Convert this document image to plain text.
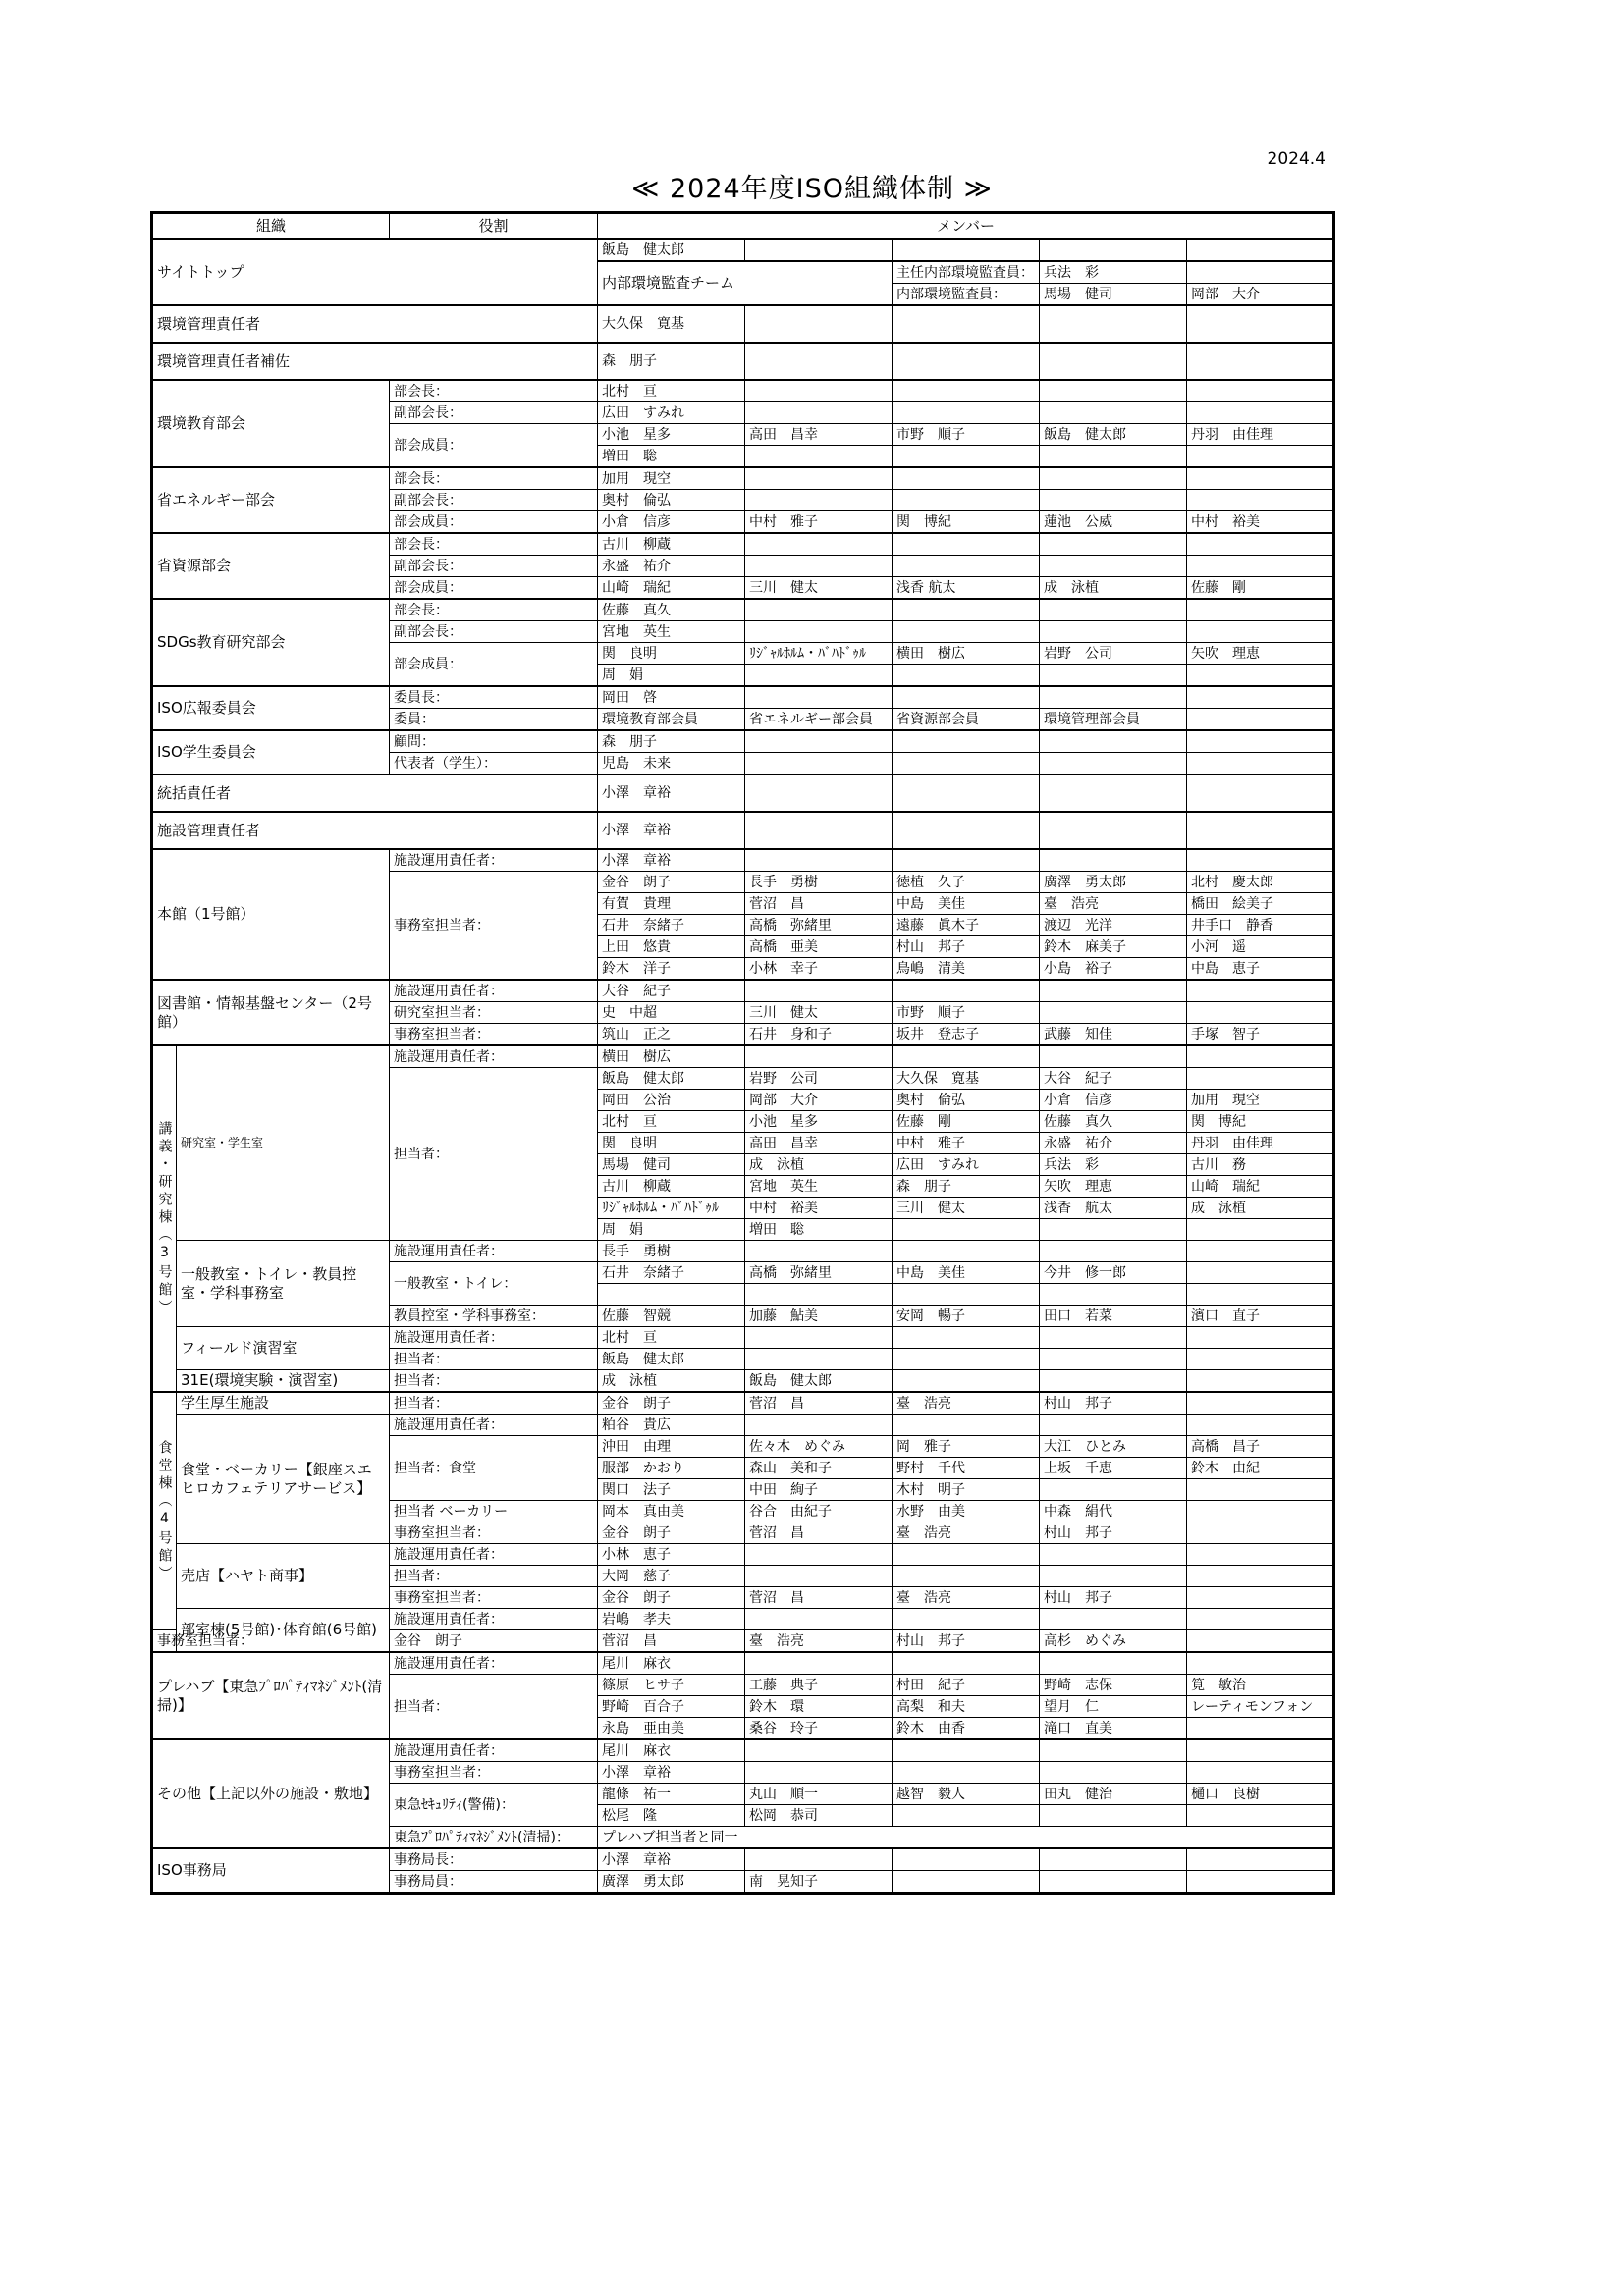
2024.4
≪ 2024年度ISO組織体制 ≫
組織		役割	メンバー					
サイトトップ			飯島　健太郎					
			内部環境監査チーム		主任内部環境監査員：	兵法　彩				
					内部環境監査員：	馬場　健司	岡部　大介			
環境管理責任者			大久保　寛基					
環境管理責任者補佐			森　朋子					
環境教育部会		部会長：	北村　亘					
		副部会長：	広田　すみれ					
		部会成員：	小池　星多	高田　昌幸	市野　順子	飯島　健太郎	丹羽　由佳理	
			増田　聡					
省エネルギー部会		部会長：	加用　現空					
		副部会長：	奥村　倫弘					
		部会成員：	小倉　信彦	中村　雅子	関　博紀	蓮池　公威	中村　裕美	
省資源部会		部会長：	古川　柳蔵					
		副部会長：	永盛　祐介					
		部会成員：	山崎　瑞紀	三川　健太	浅香 航太	成　泳植	佐藤　剛	
SDGs教育研究部会		部会長：	佐藤　真久					
		副部会長：	宮地　英生					
		部会成員：	関　良明	ﾘｼﾞｬﾙﾎﾙﾑ・ﾊﾞﾊﾄﾞｩﾙ	横田　樹広	岩野　公司	矢吹　理恵	
			周　娟					
ISO広報委員会		委員長：	岡田　啓					
		委員：	環境教育部会員	省エネルギー部会員	省資源部会員	環境管理部会員		
ISO学生委員会		顧問：	森　朋子					
		代表者（学生）：	児島　未来					
統括責任者			小澤　章裕					
施設管理責任者			小澤　章裕					
本館（1号館）		施設運用責任者：	小澤　章裕					
		事務室担当者：	金谷　朗子	長手　勇樹	徳植　久子	廣澤　勇太郎	北村　慶太郎	
			有賀　貴理	菅沼　昌	中島　美佳	臺　浩亮	橋田　絵美子	
			石井　奈緒子	高橋　弥緒里	遠藤　眞木子	渡辺　光洋	井手口　静香	
			上田　悠貴	高橋　亜美	村山　邦子	鈴木　麻美子	小河　遥	
			鈴木　洋子	小林　幸子	鳥嶋　清美	小島　裕子	中島　恵子	
図書館・情報基盤センター（2号館）		施設運用責任者：	大谷　紀子					
		研究室担当者：	史　中超	三川　健太	市野　順子			
		事務室担当者：	筑山　正之	石井　身和子	坂井　登志子	武藤　知佳	手塚　智子	
講義・研究棟（3号館）	研究室・学生室	施設運用責任者：	横田　樹広					
		担当者：	飯島　健太郎	岩野　公司	大久保　寛基	大谷　紀子		
			岡田　公治	岡部　大介	奥村　倫弘	小倉　信彦	加用　現空	
			北村　亘	小池　星多	佐藤　剛	佐藤　真久	関　博紀	
			関　良明	高田　昌幸	中村　雅子	永盛　祐介	丹羽　由佳理	
			馬場　健司	成　泳植	広田　すみれ	兵法　彩	古川　務	
			古川　柳蔵	宮地　英生	森　朋子	矢吹　理恵	山崎　瑞紀	
			ﾘｼﾞｬﾙﾎﾙﾑ・ﾊﾞﾊﾄﾞｩﾙ	中村　裕美	三川　健太	浅香　航太	成　泳植	
			周　娟	増田　聡				
	一般教室・トイレ・教員控室・学科事務室	施設運用責任者：	長手　勇樹					
		一般教室・トイレ：	石井　奈緒子	高橋　弥緒里	中島　美佳	今井　修一郎		

		教員控室・学科事務室：	佐藤　智競	加藤　鮎美	安岡　暢子	田口　若菜	濱口　直子	
	フィールド演習室	施設運用責任者：	北村　亘					
		担当者：	飯島　健太郎					
	31E(環境実験・演習室)	担当者：	成　泳植	飯島　健太郎				
食堂棟（4号館）	学生厚生施設	担当者：	金谷　朗子	菅沼　昌	臺　浩亮	村山　邦子		
	食堂・ベーカリー【銀座スエヒロカフェテリアサービス】	施設運用責任者：	粕谷　貴広					
		担当者：食堂	沖田　由理	佐々木　めぐみ	岡　雅子	大江　ひとみ	高橋　昌子	
			服部　かおり	森山　美和子	野村　千代	上坂　千恵	鈴木　由紀	
			関口　法子	中田　絢子	木村　明子			
		担当者 ベーカリー	岡本　真由美	谷合　由紀子	水野　由美	中森　絹代		
		事務室担当者：	金谷　朗子	菅沼　昌	臺　浩亮	村山　邦子		
	売店【ハヤト商事】	施設運用責任者：	小林　恵子					
		担当者：	大岡　慈子					
		事務室担当者：	金谷　朗子	菅沼　昌	臺　浩亮	村山　邦子		
	部室棟(5号館)･体育館(6号館)	施設運用責任者：	岩嶋　孝夫					
事務室担当者：		金谷　朗子	菅沼　昌	臺　浩亮	村山　邦子	高杉　めぐみ		
プレハブ【東急ﾌﾟﾛﾊﾟﾃｨﾏﾈｼﾞﾒﾝﾄ(清掃)】		施設運用責任者：	尾川　麻衣					
		担当者：	篠原　ヒサ子	工藤　典子	村田　紀子	野崎　志保	筧　敏治	
			野崎　百合子	鈴木　環	高梨　和夫	望月　仁	レーティモンフォン	
			永島　亜由美	桑谷　玲子	鈴木　由香	滝口　直美		
その他【上記以外の施設・敷地】		施設運用責任者：	尾川　麻衣					
		事務室担当者：	小澤　章裕					
		東急ｾｷｭﾘﾃｨ(警備)：	龍條　祐一	丸山　順一	越智　毅人	田丸　健治	樋口　良樹	
			松尾　隆	松岡　恭司				
		東急ﾌﾟﾛﾊﾟﾃｨﾏﾈｼﾞﾒﾝﾄ(清掃)：	プレハブ担当者と同一					
ISO事務局		事務局長：	小澤　章裕					
		事務局員：	廣澤　勇太郎	南　晃知子				
